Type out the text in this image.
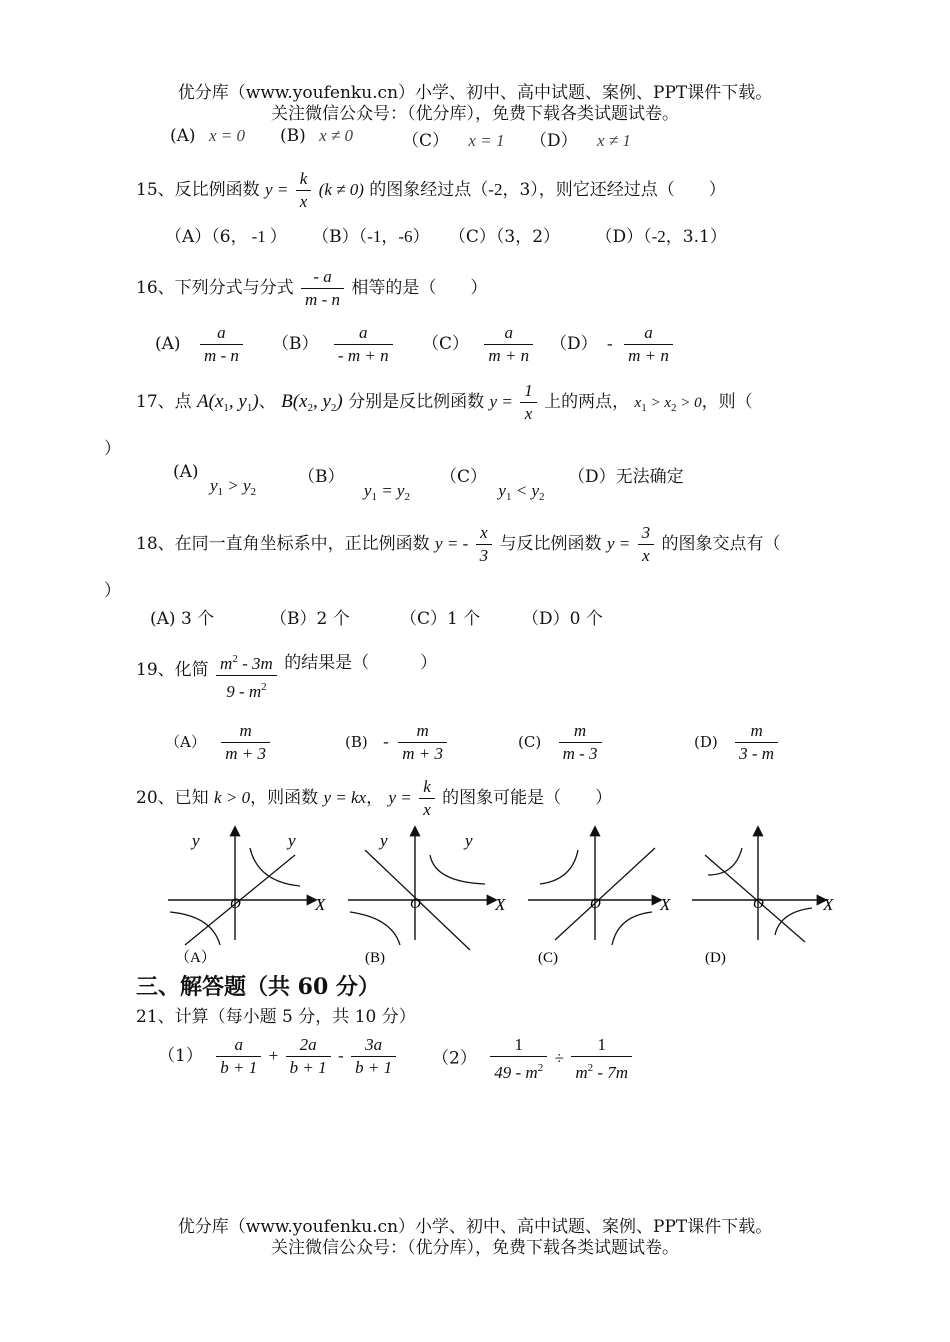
优分库（www.youfenku.cn）小学、初中、高中试题、案例、PPT课件下载。
关注微信公众号：（优分库），免费下载各类试题试卷。
(A) x = 0 (B) x ≠ 0	（C） x = 1 （D） x ≠ 1
15、反比例函数 $y = \frac{k}{x} (k \ne 0)$ 的图象经过点（-2，3），则它还经过点（　　）
（A）（6， -1 ） （B）（-1，-6） （C）（3，2） （D）（-2，3.1）
16、下列分式与分式 $\frac{- a}{m - n}$ 相等的是（　　）
$(A) \frac{a}{m - n} (B) \frac{a}{- m + n} (C) \frac{a}{m + n} (D) - \frac{a}{m + n}$
17、点 $A(x_1$, $y_1$)、 $B(x_2$, $y_2$) 分别是反比例函数 $y = \frac{1}{x}$ 上的两点， $x_1 > x_2 > 0$，则（
）
(A) $y_1 > y_2$
（B） $y_1 = y_2$
（C） $y_1 < y_2$
（D）无法确定
18、在同一直角坐标系中，正比例函数 y = - $\frac{x}{3}$ 与反比例函数 $y = \frac{3}{x}$ 的图象交点有（
）
(A) 3 个	（B）2 个	（C）1 个 （D）0 个
19、化简 $\frac{m^2 - 3m}{9 - m^2}$ 的结果是（　　　）
$(A) \frac{m}{m + 3}$	$(B) - \frac{m}{m + 3}$	$(C) \frac{m}{m - 3}$	$(D) \frac{m}{3 - m}$
20、已知 k > 0，则函数 y = kx， $y = \frac{k}{x}$ 的图象可能是（　　）
y	y
X
O
（A）
y	y
X
O
(B)
X
O
(C)
X
O
(D)
三、解答题（共 60 分）
21、计算（每小题 5 分，共 10 分）
$(1) \frac{a}{b + 1} + \frac{2a}{b + 1} - \frac{3a}{b + 1} (2) \frac{1}{49 - m^2} \div \frac{1}{m^2 - 7m}$
优分库（www.youfenku.cn）小学、初中、高中试题、案例、PPT课件下载。
关注微信公众号：（优分库），免费下载各类试题试卷。
